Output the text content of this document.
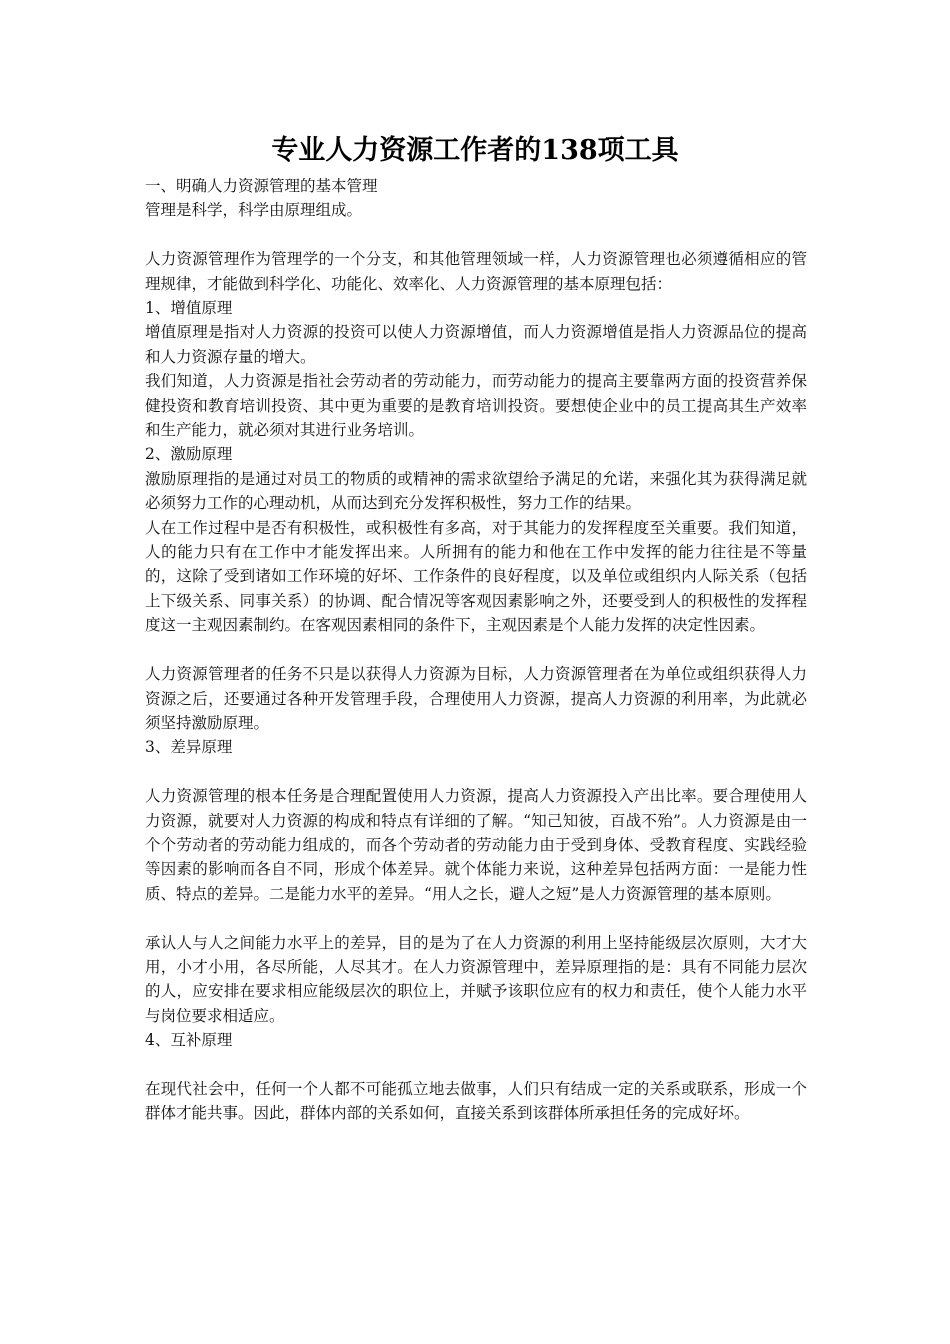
专业人力资源工作者的138项工具

一、明确人力资源管理的基本管理

管理是科学，科学由原理组成。

人力资源管理作为管理学的一个分支，和其他管理领域一样，人力资源管理也必须遵循相应的管理规律，才能做到科学化、功能化、效率化、人力资源管理的基本原理包括：

1、增值原理

增值原理是指对人力资源的投资可以使人力资源增值，而人力资源增值是指人力资源品位的提高和人力资源存量的增大。

我们知道，人力资源是指社会劳动者的劳动能力，而劳动能力的提高主要靠两方面的投资营养保健投资和教育培训投资、其中更为重要的是教育培训投资。要想使企业中的员工提高其生产效率和生产能力，就必须对其进行业务培训。

2、激励原理

激励原理指的是通过对员工的物质的或精神的需求欲望给予满足的允诺，来强化其为获得满足就必须努力工作的心理动机，从而达到充分发挥积极性，努力工作的结果。

人在工作过程中是否有积极性，或积极性有多高，对于其能力的发挥程度至关重要。我们知道，人的能力只有在工作中才能发挥出来。人所拥有的能力和他在工作中发挥的能力往往是不等量的，这除了受到诸如工作环境的好坏、工作条件的良好程度，以及单位或组织内人际关系（包括上下级关系、同事关系）的协调、配合情况等客观因素影响之外，还要受到人的积极性的发挥程度这一主观因素制约。在客观因素相同的条件下，主观因素是个人能力发挥的决定性因素。

人力资源管理者的任务不只是以获得人力资源为目标，人力资源管理者在为单位或组织获得人力资源之后，还要通过各种开发管理手段，合理使用人力资源，提高人力资源的利用率，为此就必须坚持激励原理。

3、差异原理

人力资源管理的根本任务是合理配置使用人力资源，提高人力资源投入产出比率。要合理使用人力资源，就要对人力资源的构成和特点有详细的了解。“知己知彼，百战不殆”。人力资源是由一个个劳动者的劳动能力组成的，而各个劳动者的劳动能力由于受到身体、受教育程度、实践经验等因素的影响而各自不同，形成个体差异。就个体能力来说，这种差异包括两方面：一是能力性质、特点的差异。二是能力水平的差异。“用人之长，避人之短”是人力资源管理的基本原则。

承认人与人之间能力水平上的差异，目的是为了在人力资源的利用上坚持能级层次原则，大才大用，小才小用，各尽所能，人尽其才。在人力资源管理中，差异原理指的是：具有不同能力层次的人，应安排在要求相应能级层次的职位上，并赋予该职位应有的权力和责任，使个人能力水平与岗位要求相适应。

4、互补原理

在现代社会中，任何一个人都不可能孤立地去做事，人们只有结成一定的关系或联系，形成一个群体才能共事。因此，群体内部的关系如何，直接关系到该群体所承担任务的完成好坏。
